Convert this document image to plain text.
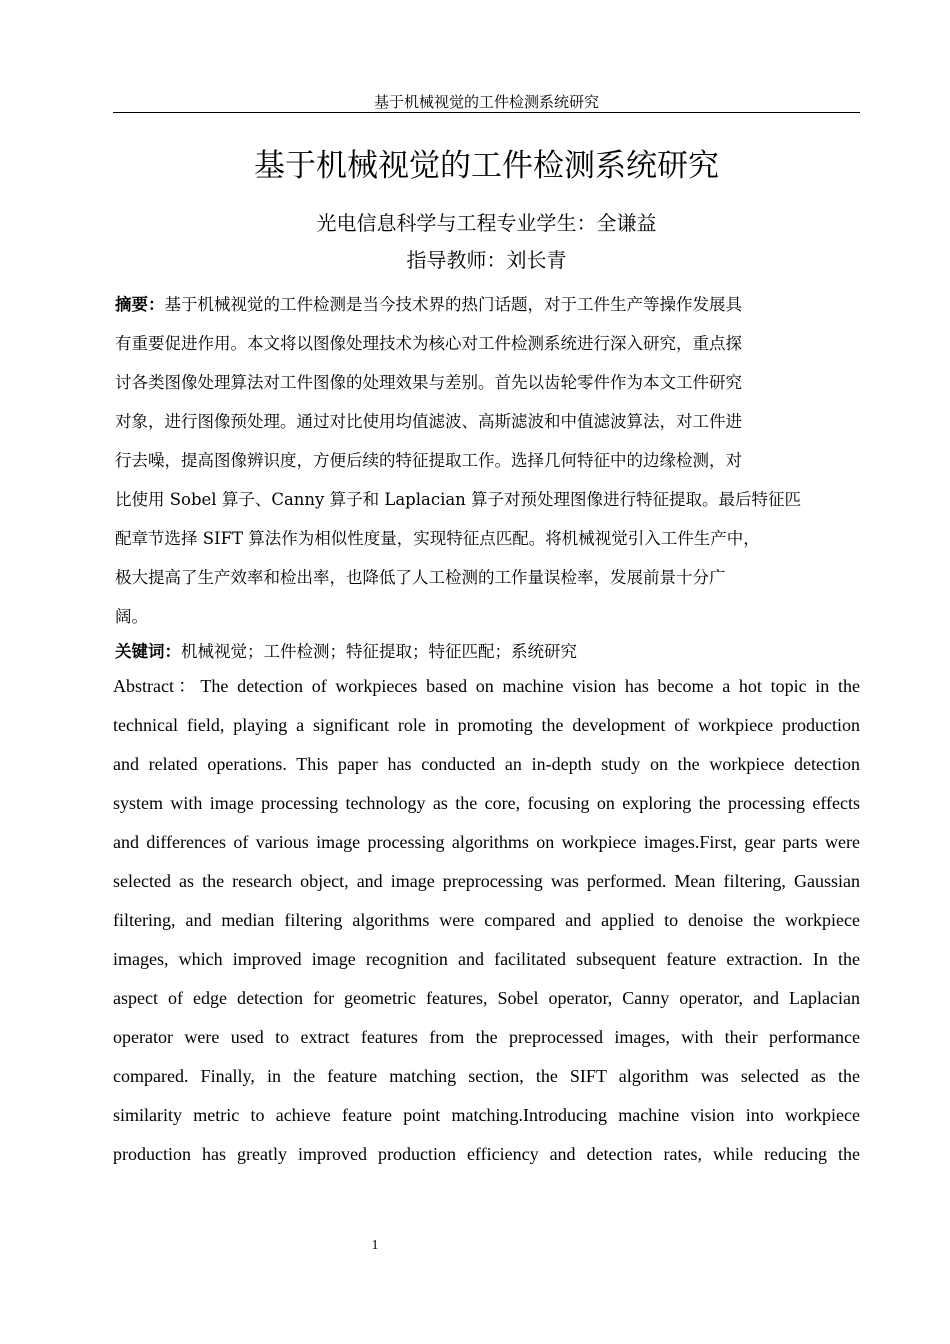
基于机械视觉的工件检测系统研究
基于机械视觉的工件检测系统研究
光电信息科学与工程专业学生：全谦益
指导教师：刘长青
摘要：基于机械视觉的工件检测是当今技术界的热门话题，对于工件生产等操作发展具
有重要促进作用。本文将以图像处理技术为核心对工件检测系统进行深入研究，重点探
讨各类图像处理算法对工件图像的处理效果与差别。首先以齿轮零件作为本文工件研究
对象，进行图像预处理。通过对比使用均值滤波、高斯滤波和中值滤波算法，对工件进
行去噪，提高图像辨识度，方便后续的特征提取工作。选择几何特征中的边缘检测，对
比使用 Sobel 算子、Canny 算子和 Laplacian 算子对预处理图像进行特征提取。最后特征匹
配章节选择 SIFT 算法作为相似性度量，实现特征点匹配。将机械视觉引入工件生产中，
极大提高了生产效率和检出率，也降低了人工检测的工作量误检率，发展前景十分广
阔。
关键词：机械视觉；工件检测；特征提取；特征匹配；系统研究
Abstract：The detection of workpieces based on machine vision has become a hot topic in the
technical field, playing a significant role in promoting the development of workpiece production
and related operations. This paper has conducted an in-depth study on the workpiece detection
system with image processing technology as the core, focusing on exploring the processing effects
and differences of various image processing algorithms on workpiece images.First, gear parts were
selected as the research object, and image preprocessing was performed. Mean filtering, Gaussian
filtering, and median filtering algorithms were compared and applied to denoise the workpiece
images, which improved image recognition and facilitated subsequent feature extraction. In the
aspect of edge detection for geometric features, Sobel operator, Canny operator, and Laplacian
operator were used to extract features from the preprocessed images, with their performance
compared. Finally, in the feature matching section, the SIFT algorithm was selected as the
similarity metric to achieve feature point matching.Introducing machine vision into workpiece
production has greatly improved production efficiency and detection rates, while reducing the
1
